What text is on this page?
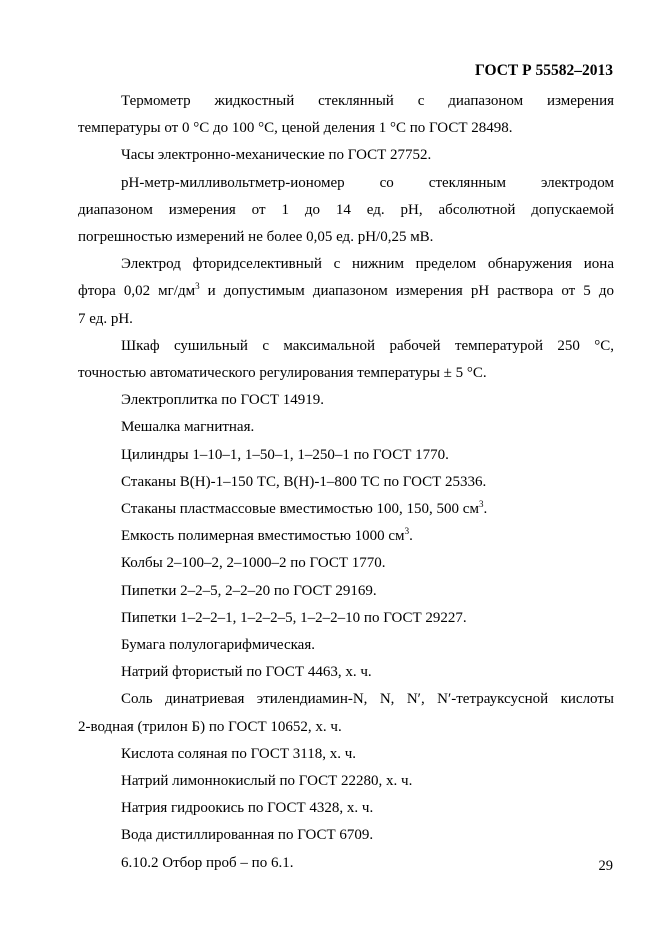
ГОСТ Р 55582–2013

Термометр жидкостный стеклянный с диапазоном измерения
температуры от 0 °С до 100 °С, ценой деления 1 °С по ГОСТ 28498.

Часы электронно-механические по ГОСТ 27752.

рН-метр-милливольтметр-иономер со стеклянным электродом
диапазоном измерения от 1 до 14 ед. рН, абсолютной допускаемой
погрешностью измерений не более 0,05 ед. рН/0,25 мВ.

Электрод фторидселективный с нижним пределом обнаружения иона
фтора 0,02 $мг/дм^3$ и допустимым диапазоном измерения рН раствора от 5 до
7 ед. рН.

Шкаф сушильный с максимальной рабочей температурой 250 °С,
точностью автоматического регулирования температуры ± 5 °С.

Электроплитка по ГОСТ 14919.

Мешалка магнитная.

Цилиндры 1–10–1, 1–50–1, 1–250–1 по ГОСТ 1770.

Стаканы В(Н)-1–150 ТС, В(Н)-1–800 ТС по ГОСТ 25336.

Стаканы пластмассовые вместимостью 100, 150, 500 $см^3$.

Емкость полимерная вместимостью 1000 $см^3$.

Колбы 2–100–2, 2–1000–2 по ГОСТ 1770.

Пипетки 2–2–5, 2–2–20 по ГОСТ 29169.

Пипетки 1–2–2–1, 1–2–2–5, 1–2–2–10 по ГОСТ 29227.

Бумага полулогарифмическая.

Натрий фтористый по ГОСТ 4463, х. ч.

Соль динатриевая этилендиамин-N, N, N′, N′-тетрауксусной кислоты
2-водная (трилон Б) по ГОСТ 10652, х. ч.

Кислота соляная по ГОСТ 3118, х. ч.

Натрий лимоннокислый по ГОСТ 22280, х. ч.

Натрия гидроокись по ГОСТ 4328, х. ч.

Вода дистиллированная по ГОСТ 6709.

6.10.2 Отбор проб – по 6.1.	29
